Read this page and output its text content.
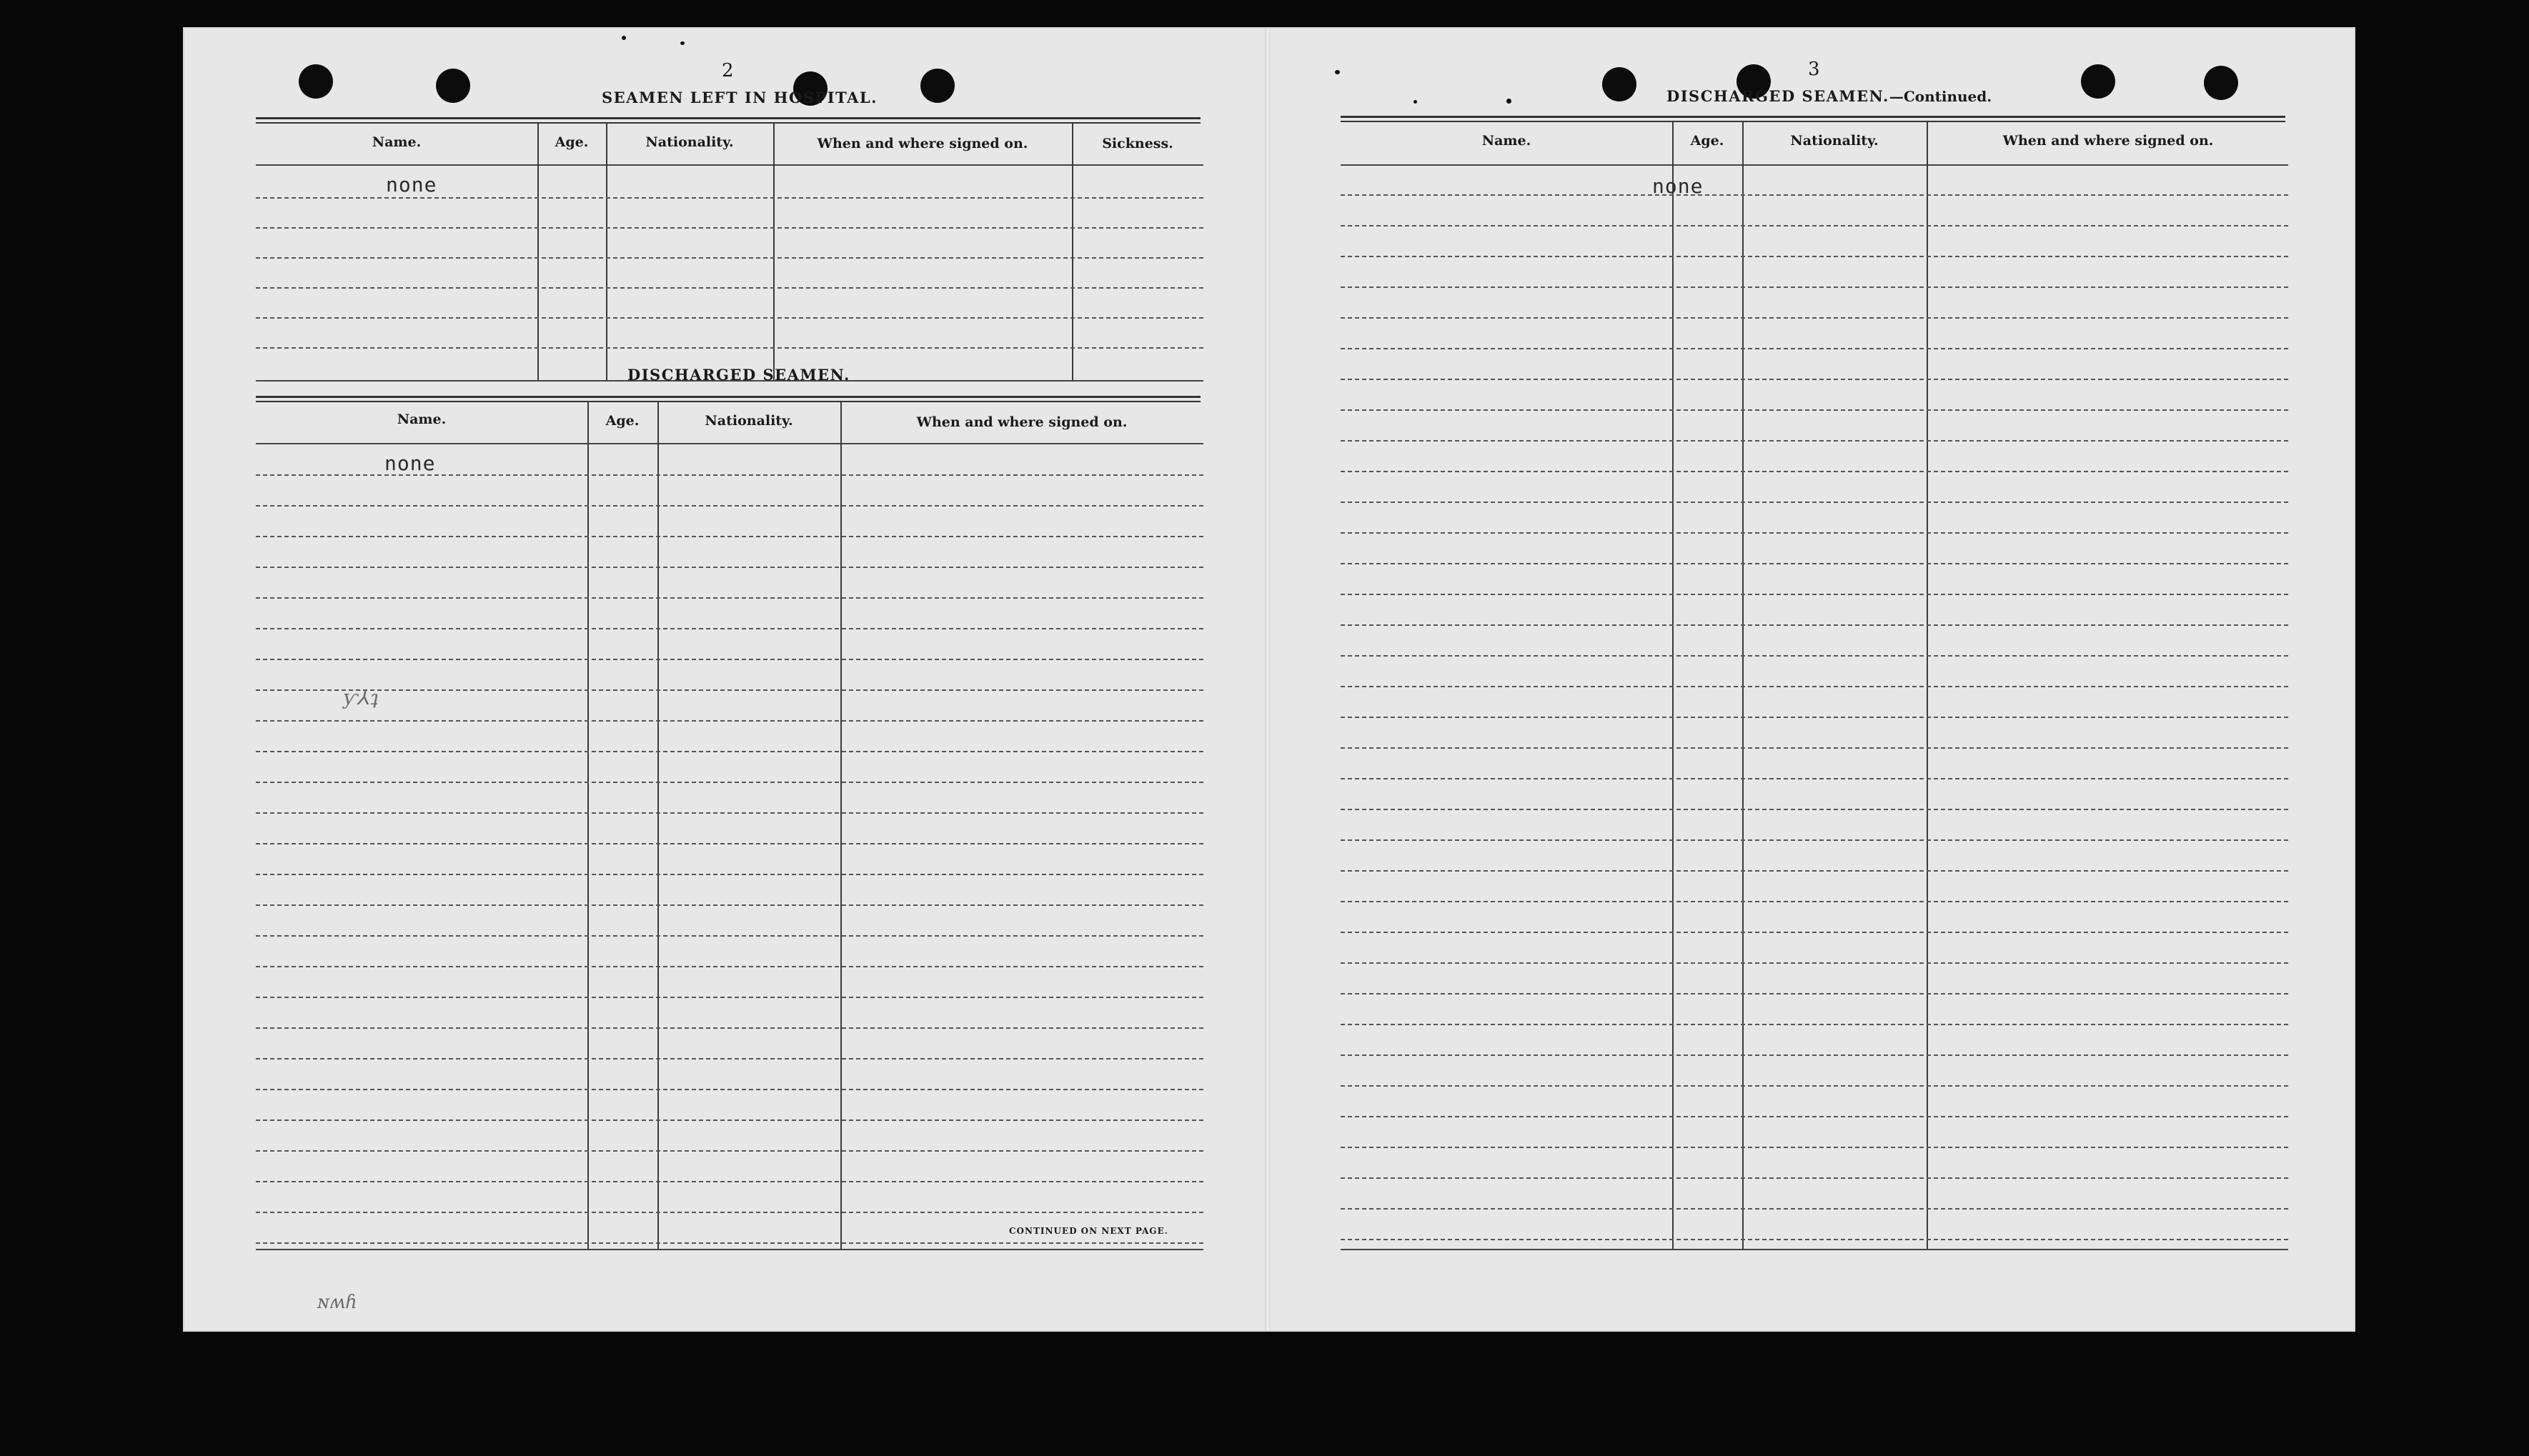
2
SEAMEN LEFT IN HOSPITAL.
Name.	Age.	Nationality.	When and where signed on.	Sickness.
none
DISCHARGED SEAMEN.
Name.	Age.	Nationality.	When and where signed on.
none
ƴ⅄ʇ
ɴʍɦ
CONTINUED ON NEXT PAGE.
3
DISCHARGED SEAMEN.—Continued.
Name.	Age.	Nationality.	When and where signed on.
none
